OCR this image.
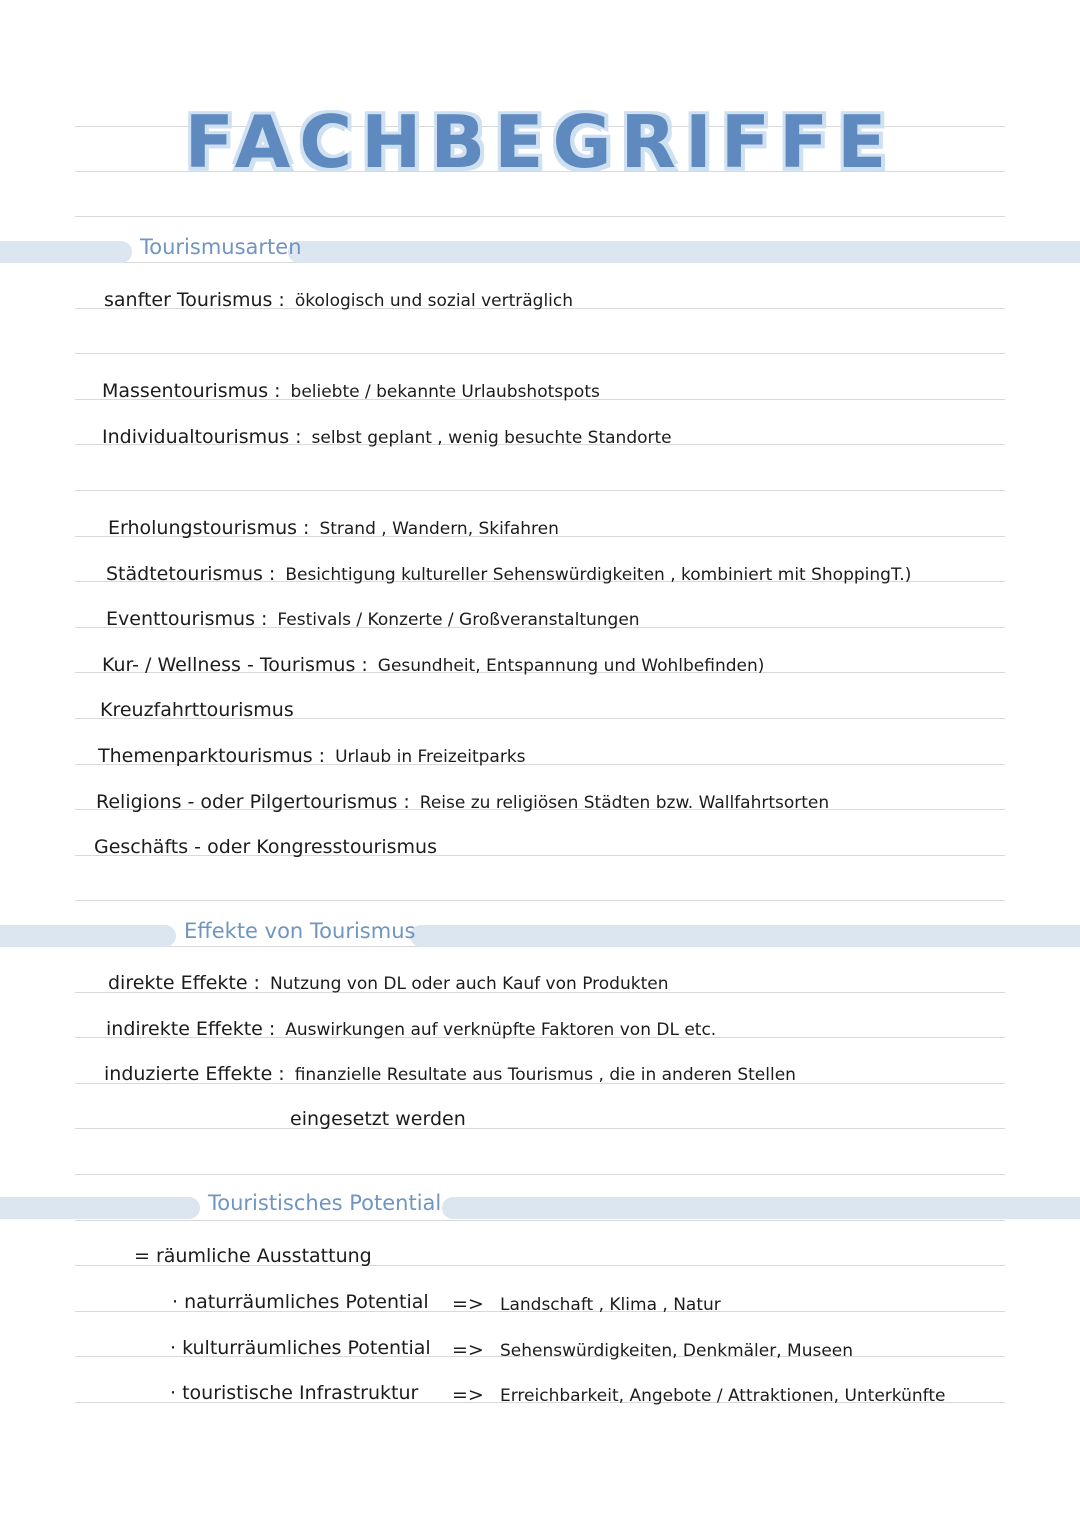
FACHBEGRIFFE
Tourismusarten
sanfter Tourismus : ökologisch und sozial verträglich
Massentourismus : beliebte / bekannte Urlaubshotspots
Individualtourismus : selbst geplant , wenig besuchte Standorte
Erholungstourismus : Strand , Wandern, Skifahren
Städtetourismus : Besichtigung kultureller Sehenswürdigkeiten , kombiniert mit ShoppingT.)
Eventtourismus : Festivals / Konzerte / Großveranstaltungen
Kur- / Wellness - Tourismus : Gesundheit, Entspannung und Wohlbefinden)
Kreuzfahrttourismus
Themenparktourismus : Urlaub in Freizeitparks
Religions - oder Pilgertourismus : Reise zu religiösen Städten bzw. Wallfahrtsorten
Geschäfts - oder Kongresstourismus
Effekte von Tourismus
direkte Effekte : Nutzung von DL oder auch Kauf von Produkten
indirekte Effekte : Auswirkungen auf verknüpfte Faktoren von DL etc.
induzierte Effekte : finanzielle Resultate aus Tourismus , die in anderen Stellen
eingesetzt werden
Touristisches Potential
= räumliche Ausstattung
· naturräumliches Potential => Landschaft , Klima , Natur
· kulturräumliches Potential => Sehenswürdigkeiten, Denkmäler, Museen
· touristische Infrastruktur => Erreichbarkeit, Angebote / Attraktionen, Unterkünfte
